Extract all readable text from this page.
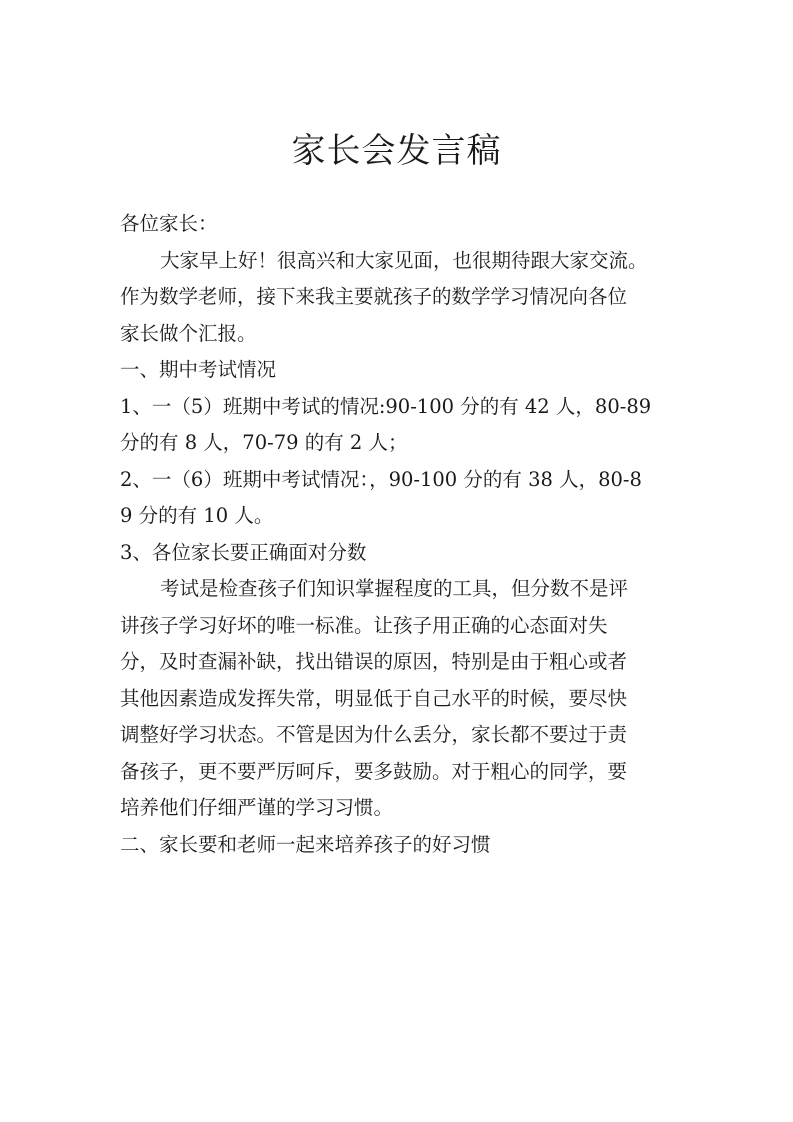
家长会发言稿

各位家长：

大家早上好！很高兴和大家见面，也很期待跟大家交流。

作为数学老师，接下来我主要就孩子的数学学习情况向各位

家长做个汇报。

一、期中考试情况

1、一（5）班期中考试的情况:90-100 分的有 42 人，80-89

分的有 8 人，70-79 的有 2 人；

2、一（6）班期中考试情况：，90-100 分的有 38 人，80-8

9 分的有 10 人。

3、各位家长要正确面对分数

考试是检查孩子们知识掌握程度的工具，但分数不是评

讲孩子学习好坏的唯一标准。让孩子用正确的心态面对失

分，及时查漏补缺，找出错误的原因，特别是由于粗心或者

其他因素造成发挥失常，明显低于自己水平的时候，要尽快

调整好学习状态。不管是因为什么丢分，家长都不要过于责

备孩子，更不要严厉呵斥，要多鼓励。对于粗心的同学，要

培养他们仔细严谨的学习习惯。

二、家长要和老师一起来培养孩子的好习惯
